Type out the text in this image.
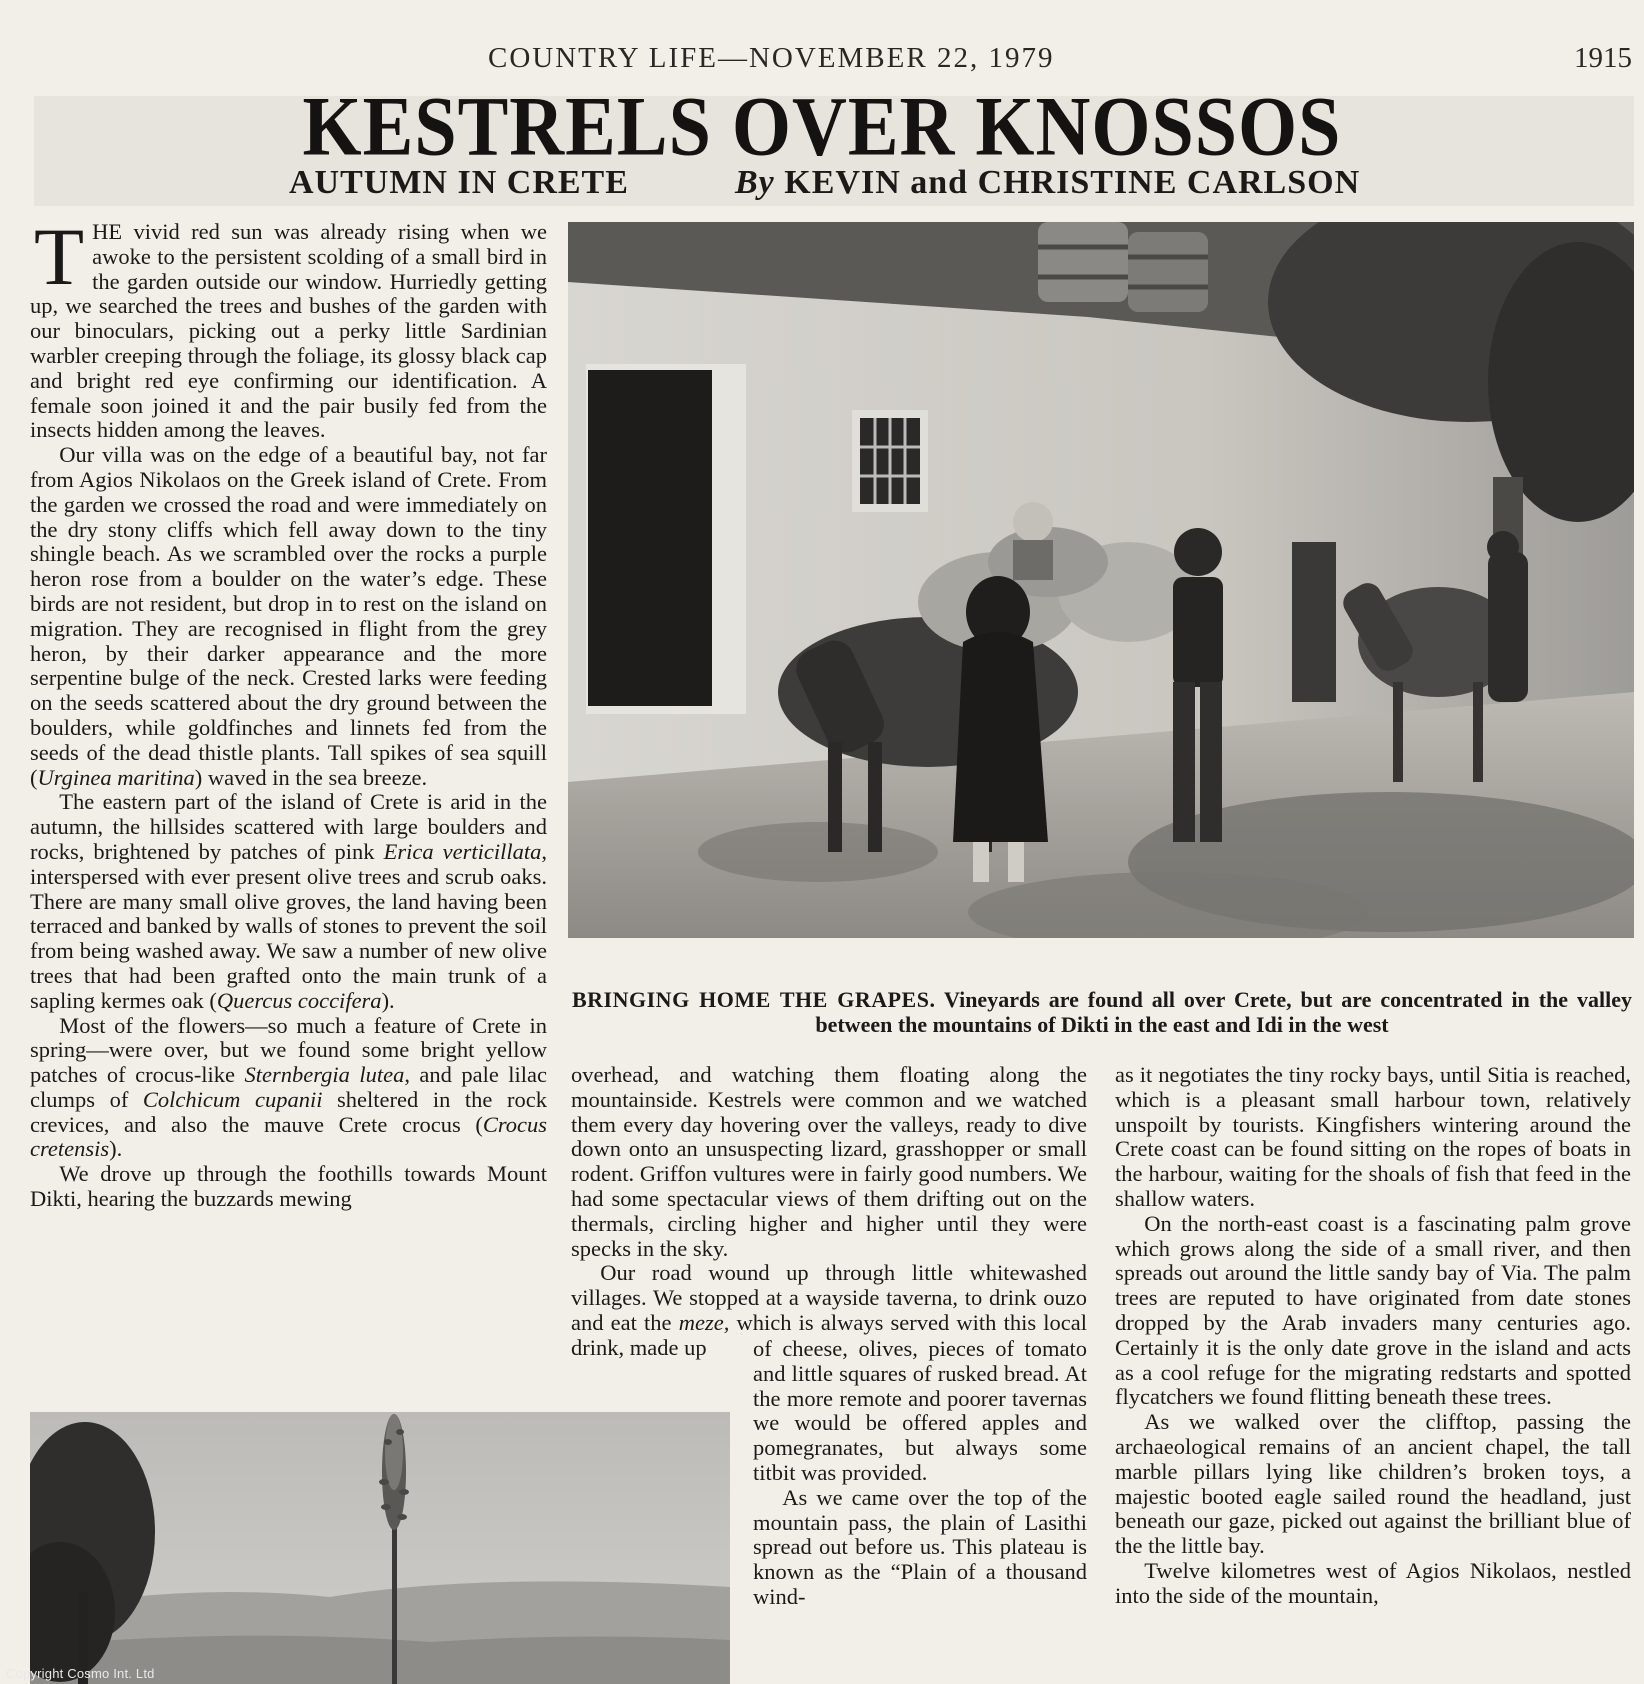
COUNTRY LIFE—NOVEMBER 22, 1979	1915
KESTRELS OVER KNOSSOS
AUTUMN IN CRETE	By KEVIN and CHRISTINE CARLSON

THE vivid red sun was already rising when we awoke to the persistent scolding of a small bird in the garden outside our window. Hurriedly getting up, we searched the trees and bushes of the garden with our binoculars, picking out a perky little Sardinian warbler creeping through the foliage, its glossy black cap and bright red eye confirming our identification. A female soon joined it and the pair busily fed from the insects hidden among the leaves.

Our villa was on the edge of a beautiful bay, not far from Agios Nikolaos on the Greek island of Crete. From the garden we crossed the road and were immediately on the dry stony cliffs which fell away down to the tiny shingle beach. As we scrambled over the rocks a purple heron rose from a boulder on the water’s edge. These birds are not resident, but drop in to rest on the island on migration. They are recognised in flight from the grey heron, by their darker appearance and the more serpentine bulge of the neck. Crested larks were feeding on the seeds scattered about the dry ground between the boulders, while goldfinches and linnets fed from the seeds of the dead thistle plants. Tall spikes of sea squill (Urginea maritina) waved in the sea breeze.

The eastern part of the island of Crete is arid in the autumn, the hillsides scattered with large boulders and rocks, brightened by patches of pink Erica verticillata, interspersed with ever present olive trees and scrub oaks. There are many small olive groves, the land having been terraced and banked by walls of stones to prevent the soil from being washed away. We saw a number of new olive trees that had been grafted onto the main trunk of a sapling kermes oak (Quercus coccifera).

Most of the flowers—so much a feature of Crete in spring—were over, but we found some bright yellow patches of crocus-like Sternbergia lutea, and pale lilac clumps of Colchicum cupanii sheltered in the rock crevices, and also the mauve Crete crocus (Crocus cretensis).

We drove up through the foothills towards Mount Dikti, hearing the buzzards mewing

BRINGING HOME THE GRAPES. Vineyards are found all over Crete, but are concentrated in the valley between the mountains of Dikti in the east and Idi in the west

overhead, and watching them floating along the mountainside. Kestrels were common and we watched them every day hovering over the valleys, ready to dive down onto an unsuspecting lizard, grasshopper or small rodent. Griffon vultures were in fairly good numbers. We had some spectacular views of them drifting out on the thermals, circling higher and higher until they were specks in the sky.

Our road wound up through little whitewashed villages. We stopped at a wayside taverna, to drink ouzo and eat the meze, which is always served with this local drink, made up	of cheese, olives, pieces of tomato and little squares of rusked bread. At the more remote and poorer tavernas we would be offered apples and pomegranates, but always some titbit was provided.

As we came over the top of the mountain pass, the plain of Lasithi spread out before us. This plateau is known as the “Plain of a thousand wind-

as it negotiates the tiny rocky bays, until Sitia is reached, which is a pleasant small harbour town, relatively unspoilt by tourists. Kingfishers wintering around the Crete coast can be found sitting on the ropes of boats in the harbour, waiting for the shoals of fish that feed in the shallow waters.

On the north-east coast is a fascinating palm grove which grows along the side of a small river, and then spreads out around the little sandy bay of Via. The palm trees are reputed to have originated from date stones dropped by the Arab invaders many centuries ago. Certainly it is the only date grove in the island and acts as a cool refuge for the migrating redstarts and spotted flycatchers we found flitting beneath these trees.

As we walked over the clifftop, passing the archaeological remains of an ancient chapel, the tall marble pillars lying like children’s broken toys, a majestic booted eagle sailed round the headland, just beneath our gaze, picked out against the brilliant blue of the the little bay.

Twelve kilometres west of Agios Nikolaos, nestled into the side of the mountain,

Copyright Cosmo Int. Ltd
